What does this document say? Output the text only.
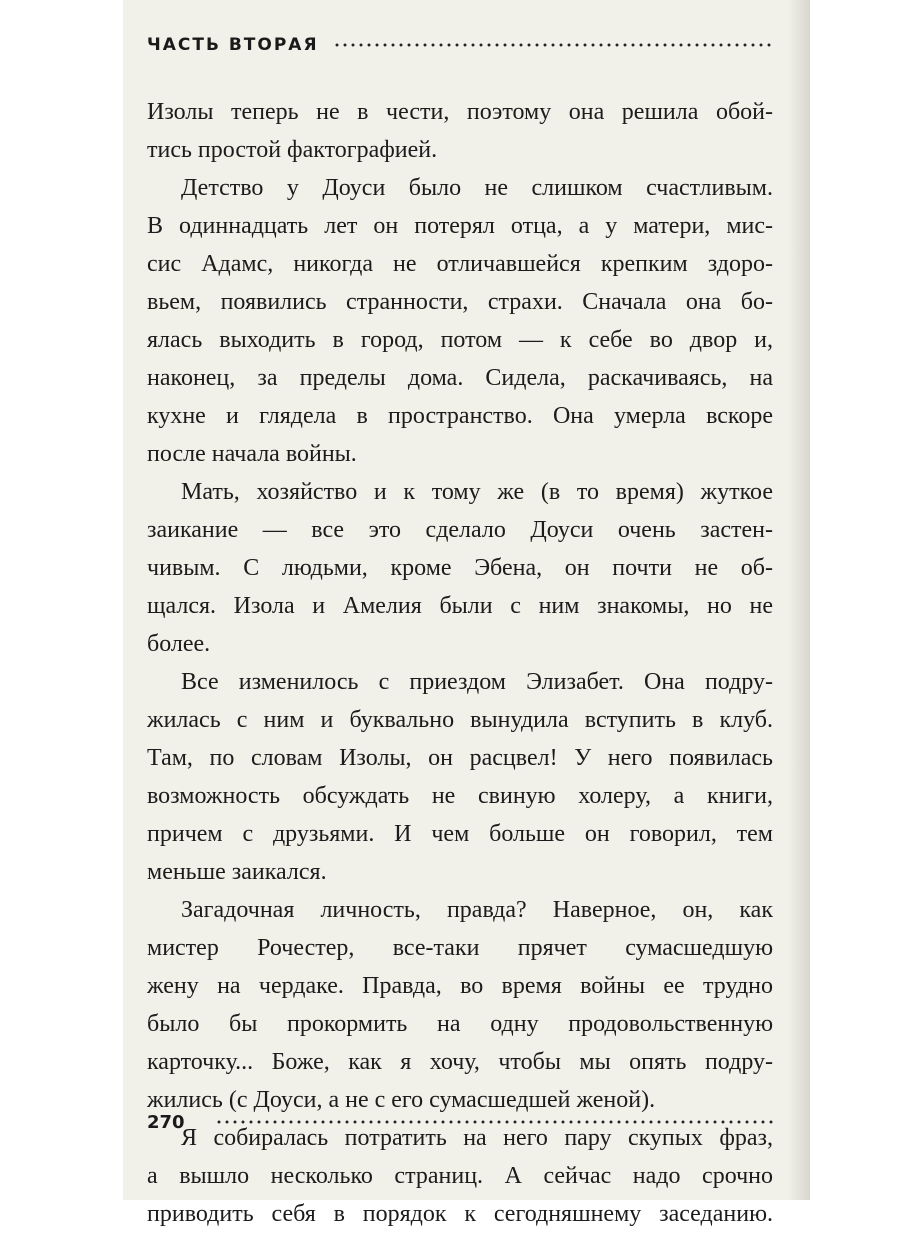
ЧАСТЬ ВТОРАЯ
Изолы теперь не в чести, поэтому она решила обой-
тись простой фактографией.
Детство у Доуси было не слишком счастливым.
В одиннадцать лет он потерял отца, а у матери, мис-
сис Адамс, никогда не отличавшейся крепким здоро-
вьем, появились странности, страхи. Сначала она бо-
ялась выходить в город, потом — к себе во двор и,
наконец, за пределы дома. Сидела, раскачиваясь, на
кухне и глядела в пространство. Она умерла вскоре
после начала войны.
Мать, хозяйство и к тому же (в то время) жуткое
заикание — все это сделало Доуси очень застен-
чивым. С людьми, кроме Эбена, он почти не об-
щался. Изола и Амелия были с ним знакомы, но не
более.
Все изменилось с приездом Элизабет. Она подру-
жилась с ним и буквально вынудила вступить в клуб.
Там, по словам Изолы, он расцвел! У него появилась
возможность обсуждать не свиную холеру, а книги,
причем с друзьями. И чем больше он говорил, тем
меньше заикался.
Загадочная личность, правда? Наверное, он, как
мистер Рочестер, все-таки прячет сумасшедшую
жену на чердаке. Правда, во время войны ее трудно
было бы прокормить на одну продовольственную
карточку... Боже, как я хочу, чтобы мы опять подру-
жились (с Доуси, а не с его сумасшедшей женой).
Я собиралась потратить на него пару скупых фраз,
а вышло несколько страниц. А сейчас надо срочно
приводить себя в порядок к сегодняшнему заседанию.
270
